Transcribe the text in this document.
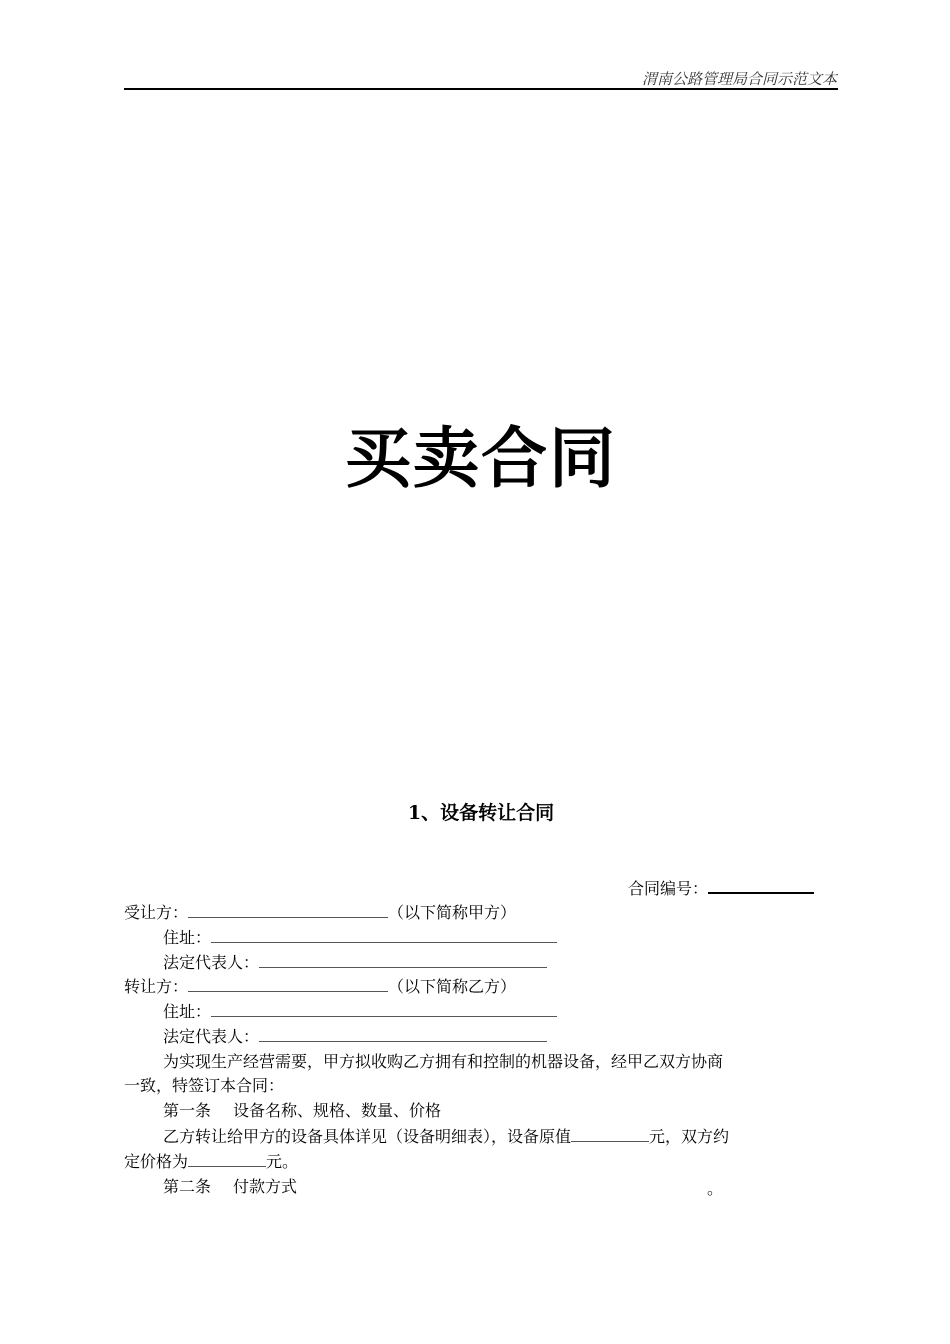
渭南公路管理局合同示范文本
买卖合同
1、设备转让合同
合同编号：
受让方：	（以下简称甲方）
住址：
法定代表人：
转让方：	（以下简称乙方）
住址：
法定代表人：
为实现生产经营需要，甲方拟收购乙方拥有和控制的机器设备，经甲乙双方协商
一致，特签订本合同：
第一条 设备名称、规格、数量、价格
乙方转让给甲方的设备具体详见（设备明细表），设备原值	元，双方约
定价格为	元。
第二条 付款方式	。
